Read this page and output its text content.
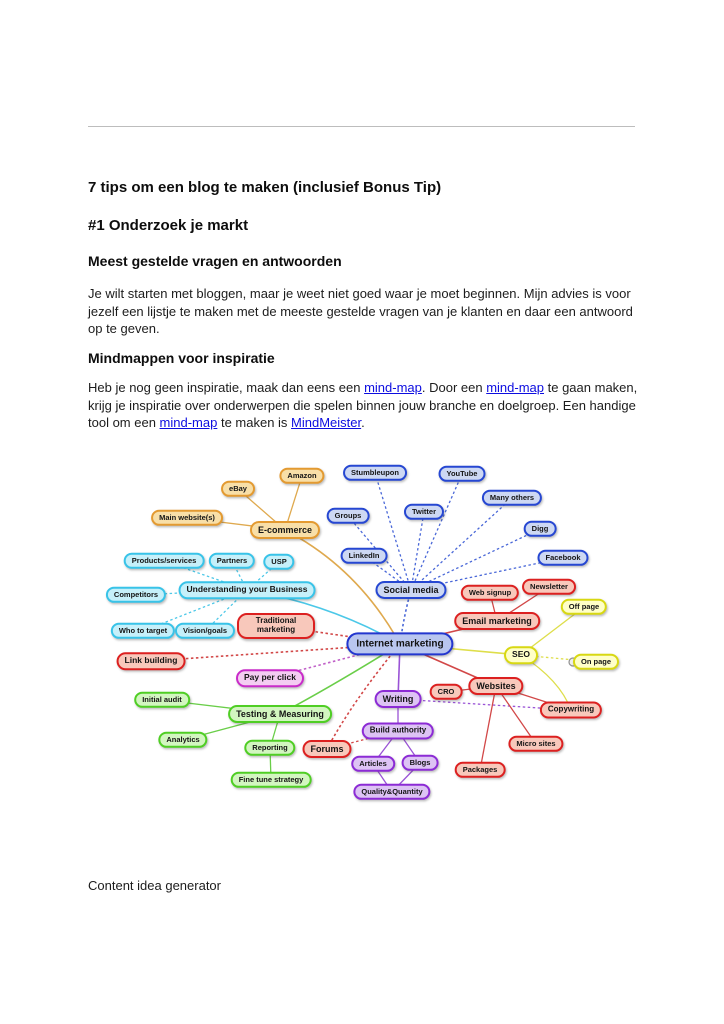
7 tips om een blog te maken (inclusief Bonus Tip)
#1 Onderzoek je markt
Meest gestelde vragen en antwoorden
Je wilt starten met bloggen, maar je weet niet goed waar je moet beginnen. Mijn advies is voor jezelf een lijstje te maken met de meeste gestelde vragen van je klanten en daar een antwoord op te geven.
Mindmappen voor inspiratie
Heb je nog geen inspiratie, maak dan eens een mind-map. Door een mind-map te gaan maken, krijg je inspiratie over onderwerpen die spelen binnen jouw branche en doelgroep. Een handige tool om een mind-map te maken is MindMeister.
eBay
Amazon
Main website(s)
E-commerce
Stumbleupon	YouTube
Many others
Twitter
Groups
Digg
LinkedIn	Facebook
Social media
Products/services	Partners	USP
Understanding your Business
Competitors
Who to target	Vision/goals
Traditional marketing
Link building
Web signup
Newsletter
Email marketing
Off page
SEO
On page
Pay per click
Websites
CRO
Copywriting
Micro sites
Packages
Forums
Initial audit
Testing & Measuring
Analytics
Reporting
Fine tune strategy
Writing
Build authority
Articles	Blogs
Quality&Quantity
Internet marketing
Content idea generator
